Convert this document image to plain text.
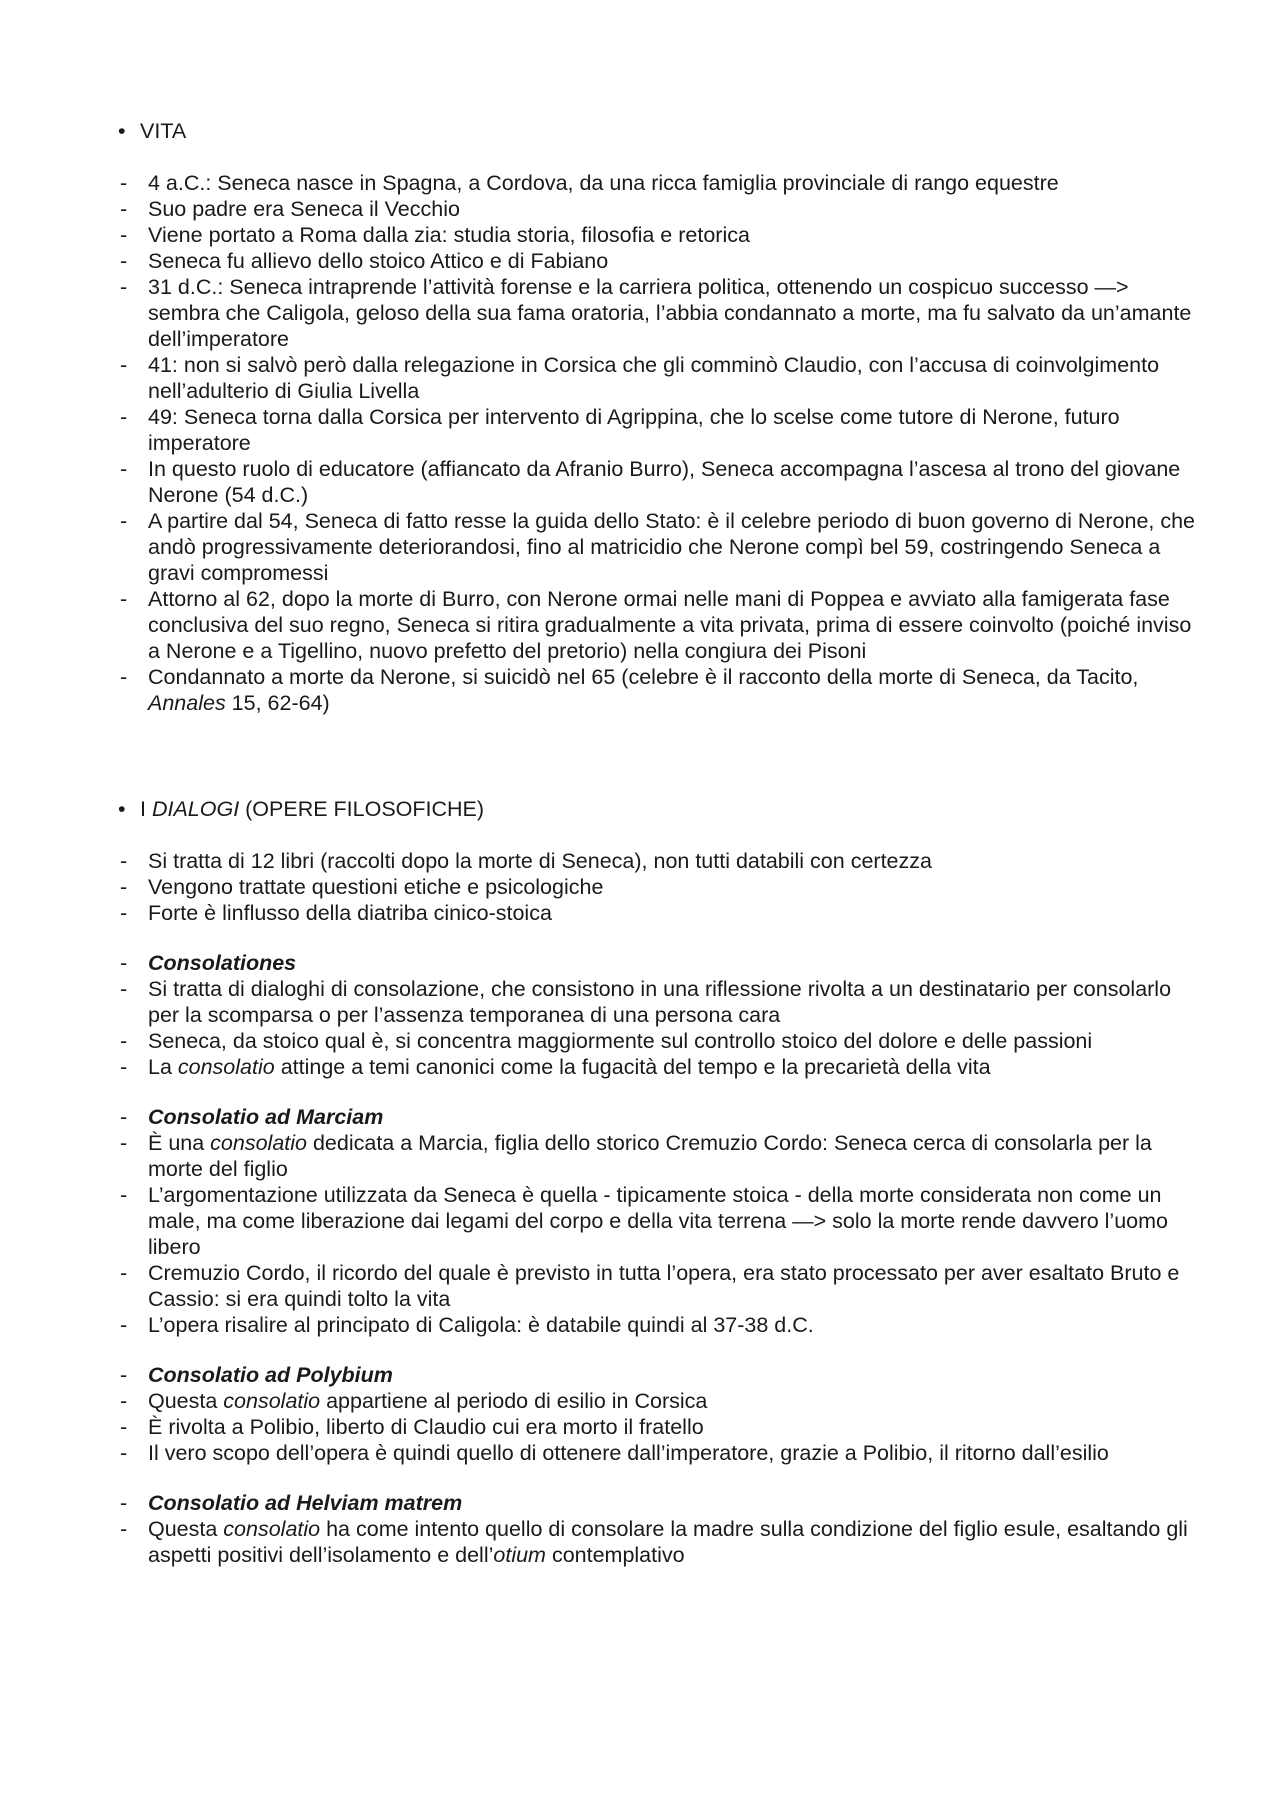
• VITA
- 4 a.C.: Seneca nasce in Spagna, a Cordova, da una ricca famiglia provinciale di rango equestre
- Suo padre era Seneca il Vecchio
- Viene portato a Roma dalla zia: studia storia, filosofia e retorica
- Seneca fu allievo dello stoico Attico e di Fabiano
- 31 d.C.: Seneca intraprende l’attività forense e la carriera politica, ottenendo un cospicuo successo —> sembra che Caligola, geloso della sua fama oratoria, l’abbia condannato a morte, ma fu salvato da un’amante dell’imperatore
- 41: non si salvò però dalla relegazione in Corsica che gli comminò Claudio, con l’accusa di coinvolgimento nell’adulterio di Giulia Livella
- 49: Seneca torna dalla Corsica per intervento di Agrippina, che lo scelse come tutore di Nerone, futuro imperatore
- In questo ruolo di educatore (affiancato da Afranio Burro), Seneca accompagna l’ascesa al trono del giovane Nerone (54 d.C.)
- A partire dal 54, Seneca di fatto resse la guida dello Stato: è il celebre periodo di buon governo di Nerone, che andò progressivamente deteriorandosi, fino al matricidio che Nerone compì bel 59, costringendo Seneca a gravi compromessi
- Attorno al 62, dopo la morte di Burro, con Nerone ormai nelle mani di Poppea e avviato alla famigerata fase conclusiva del suo regno, Seneca si ritira gradualmente a vita privata, prima di essere coinvolto (poiché inviso a Nerone e a Tigellino, nuovo prefetto del pretorio) nella congiura dei Pisoni
- Condannato a morte da Nerone, si suicidò nel 65 (celebre è il racconto della morte di Seneca, da Tacito, Annales 15, 62-64)
• I DIALOGI (OPERE FILOSOFICHE)
- Si tratta di 12 libri (raccolti dopo la morte di Seneca), non tutti databili con certezza
- Vengono trattate questioni etiche e psicologiche
- Forte è linflusso della diatriba cinico-stoica
- Consolationes
- Si tratta di dialoghi di consolazione, che consistono in una riflessione rivolta a un destinatario per consolarlo per la scomparsa o per l’assenza temporanea di una persona cara
- Seneca, da stoico qual è, si concentra maggiormente sul controllo stoico del dolore e delle passioni
- La consolatio attinge a temi canonici come la fugacità del tempo e la precarietà della vita
- Consolatio ad Marciam
- È una consolatio dedicata a Marcia, figlia dello storico Cremuzio Cordo: Seneca cerca di consolarla per la morte del figlio
- L’argomentazione utilizzata da Seneca è quella - tipicamente stoica - della morte considerata non come un male, ma come liberazione dai legami del corpo e della vita terrena —> solo la morte rende davvero l’uomo libero
- Cremuzio Cordo, il ricordo del quale è previsto in tutta l’opera, era stato processato per aver esaltato Bruto e Cassio: si era quindi tolto la vita
- L’opera risalire al principato di Caligola: è databile quindi al 37-38 d.C.
- Consolatio ad Polybium
- Questa consolatio appartiene al periodo di esilio in Corsica
- È rivolta a Polibio, liberto di Claudio cui era morto il fratello
- Il vero scopo dell’opera è quindi quello di ottenere dall’imperatore, grazie a Polibio, il ritorno dall’esilio
- Consolatio ad Helviam matrem
- Questa consolatio ha come intento quello di consolare la madre sulla condizione del figlio esule, esaltando gli aspetti positivi dell’isolamento e dell’otium contemplativo
